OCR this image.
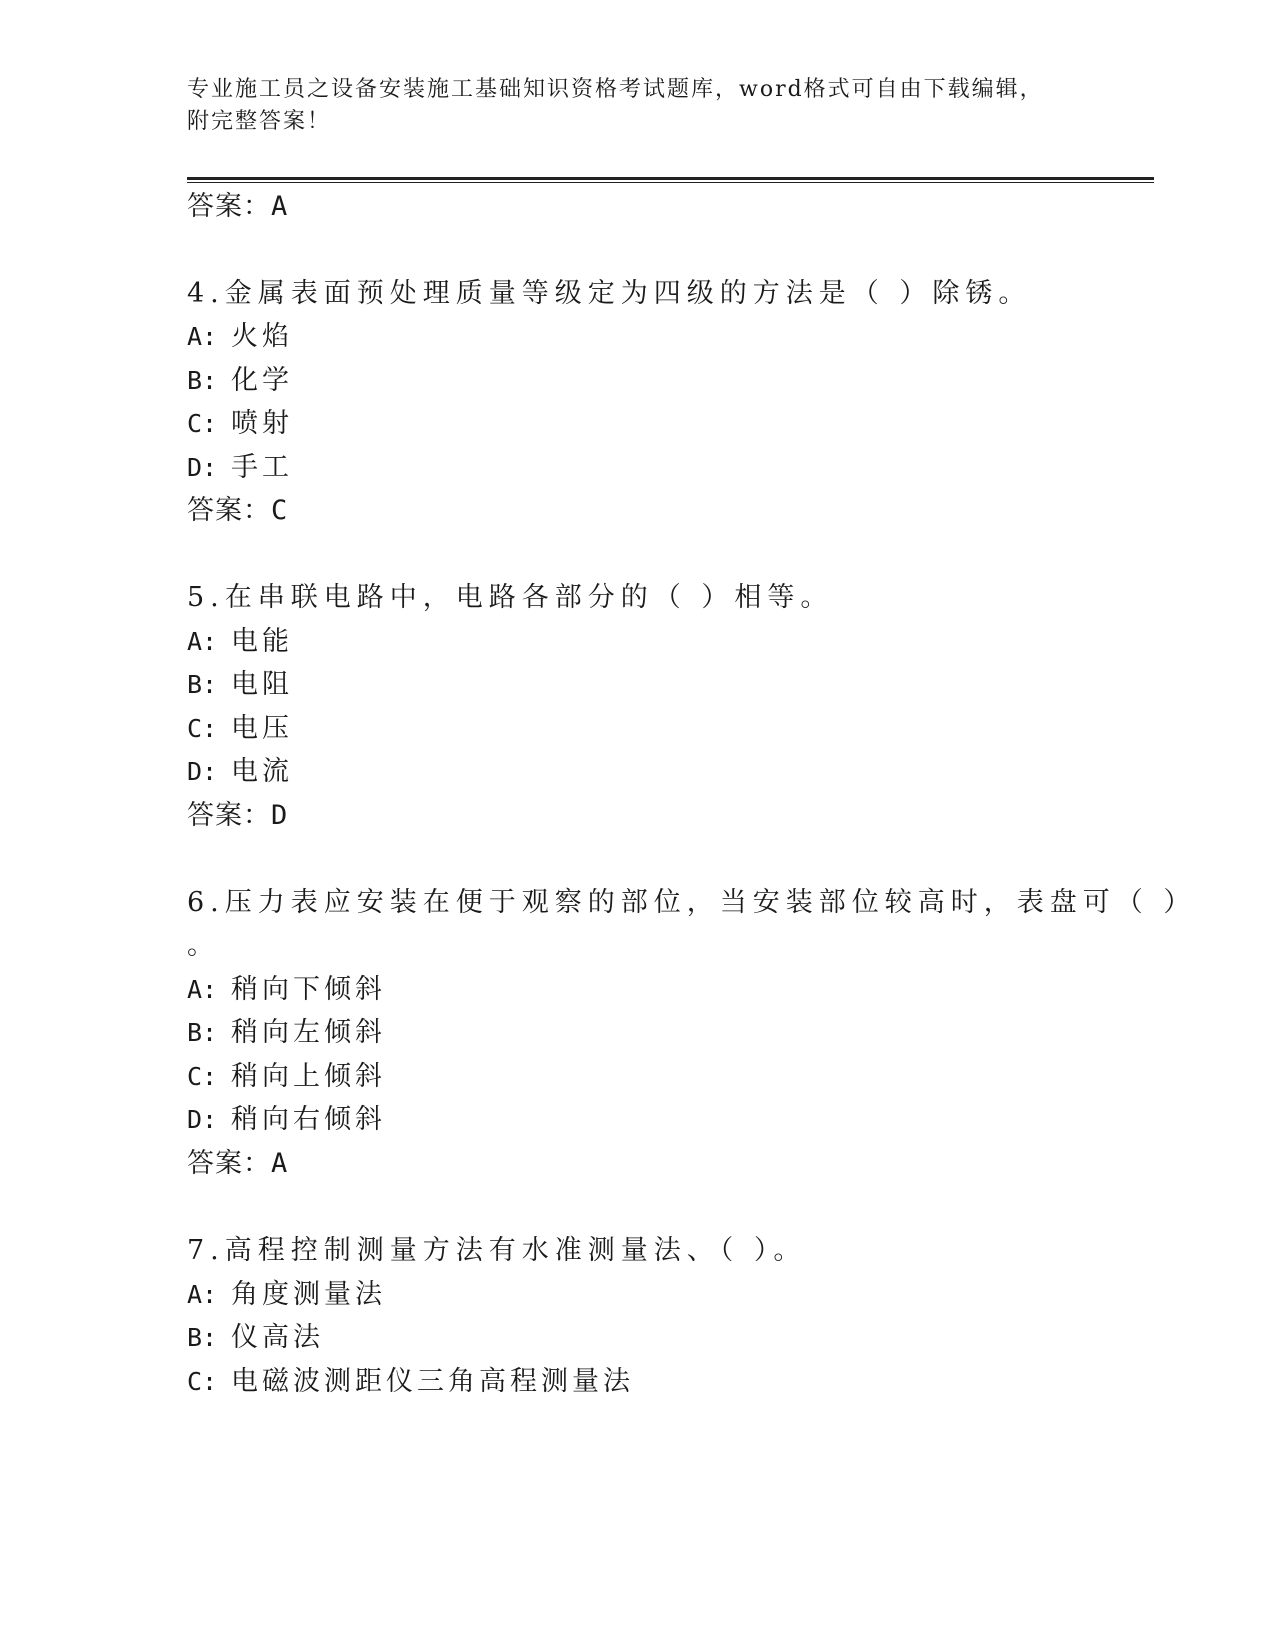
专业施工员之设备安装施工基础知识资格考试题库，word格式可自由下载编辑，
附完整答案！
答案：A
4.金属表面预处理质量等级定为四级的方法是（ ）除锈。
A: 火焰
B: 化学
C: 喷射
D: 手工
答案：C
5.在串联电路中，电路各部分的（ ）相等。
A: 电能
B: 电阻
C: 电压
D: 电流
答案：D
6.压力表应安装在便于观察的部位，当安装部位较高时，表盘可（ ）
。
A: 稍向下倾斜
B: 稍向左倾斜
C: 稍向上倾斜
D: 稍向右倾斜
答案：A
7.高程控制测量方法有水准测量法、（ ）。
A: 角度测量法
B: 仪高法
C: 电磁波测距仪三角高程测量法
